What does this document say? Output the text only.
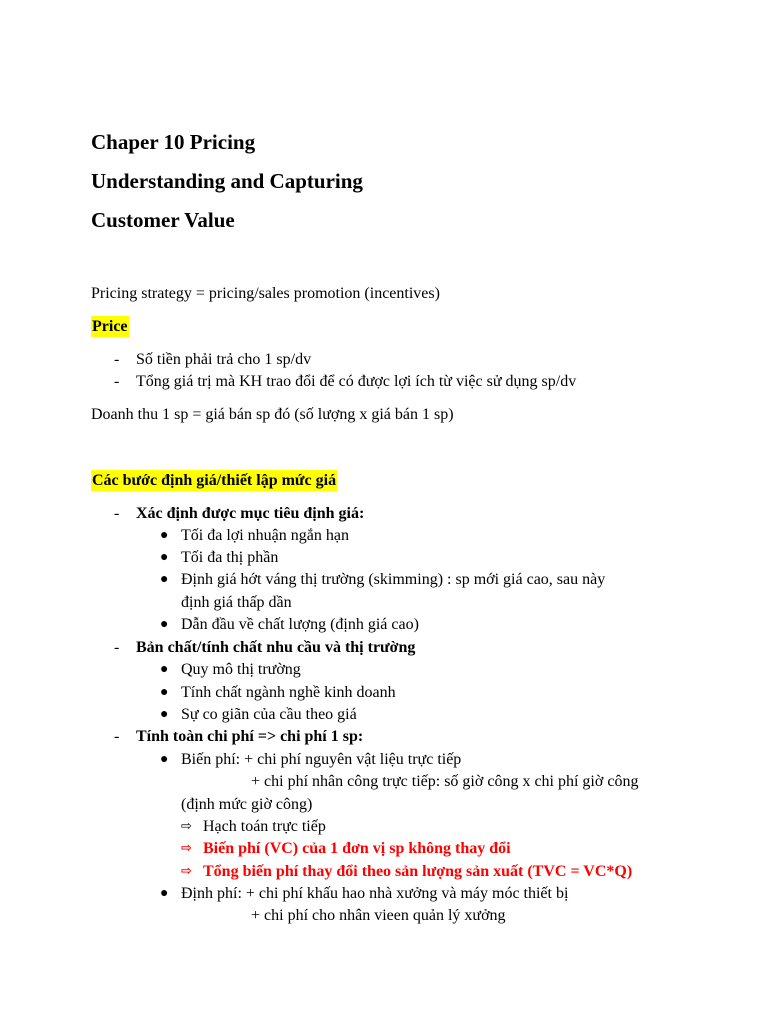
Chaper 10 Pricing
Understanding and Capturing
Customer Value
Pricing strategy = pricing/sales promotion (incentives)
Price
- Số tiền phải trả cho 1 sp/dv
- Tổng giá trị mà KH trao đổi để có được lợi ích từ việc sử dụng sp/dv
Doanh thu 1 sp = giá bán sp đó (số lượng x giá bán 1 sp)
Các bước định giá/thiết lập mức giá
- Xác định được mục tiêu định giá:
● Tối đa lợi nhuận ngắn hạn
● Tối đa thị phần
● Định giá hớt váng thị trường (skimming) : sp mới giá cao, sau này
định giá thấp dần
● Dẫn đầu về chất lượng (định giá cao)
- Bản chất/tính chất nhu cầu và thị trường
● Quy mô thị trường
● Tính chất ngành nghề kinh doanh
● Sự co giãn của cầu theo giá
- Tính toàn chi phí => chi phí 1 sp:
● Biến phí: + chi phí nguyên vật liệu trực tiếp
+ chi phí nhân công trực tiếp: số giờ công x chi phí giờ công
(định mức giờ công)
⇨ Hạch toán trực tiếp
⇨ Biến phí (VC) của 1 đơn vị sp không thay đổi
⇨ Tổng biến phí thay đổi theo sản lượng sản xuất (TVC = VC*Q)
● Định phí: + chi phí khấu hao nhà xưởng và máy móc thiết bị
+ chi phí cho nhân vieen quản lý xưởng
